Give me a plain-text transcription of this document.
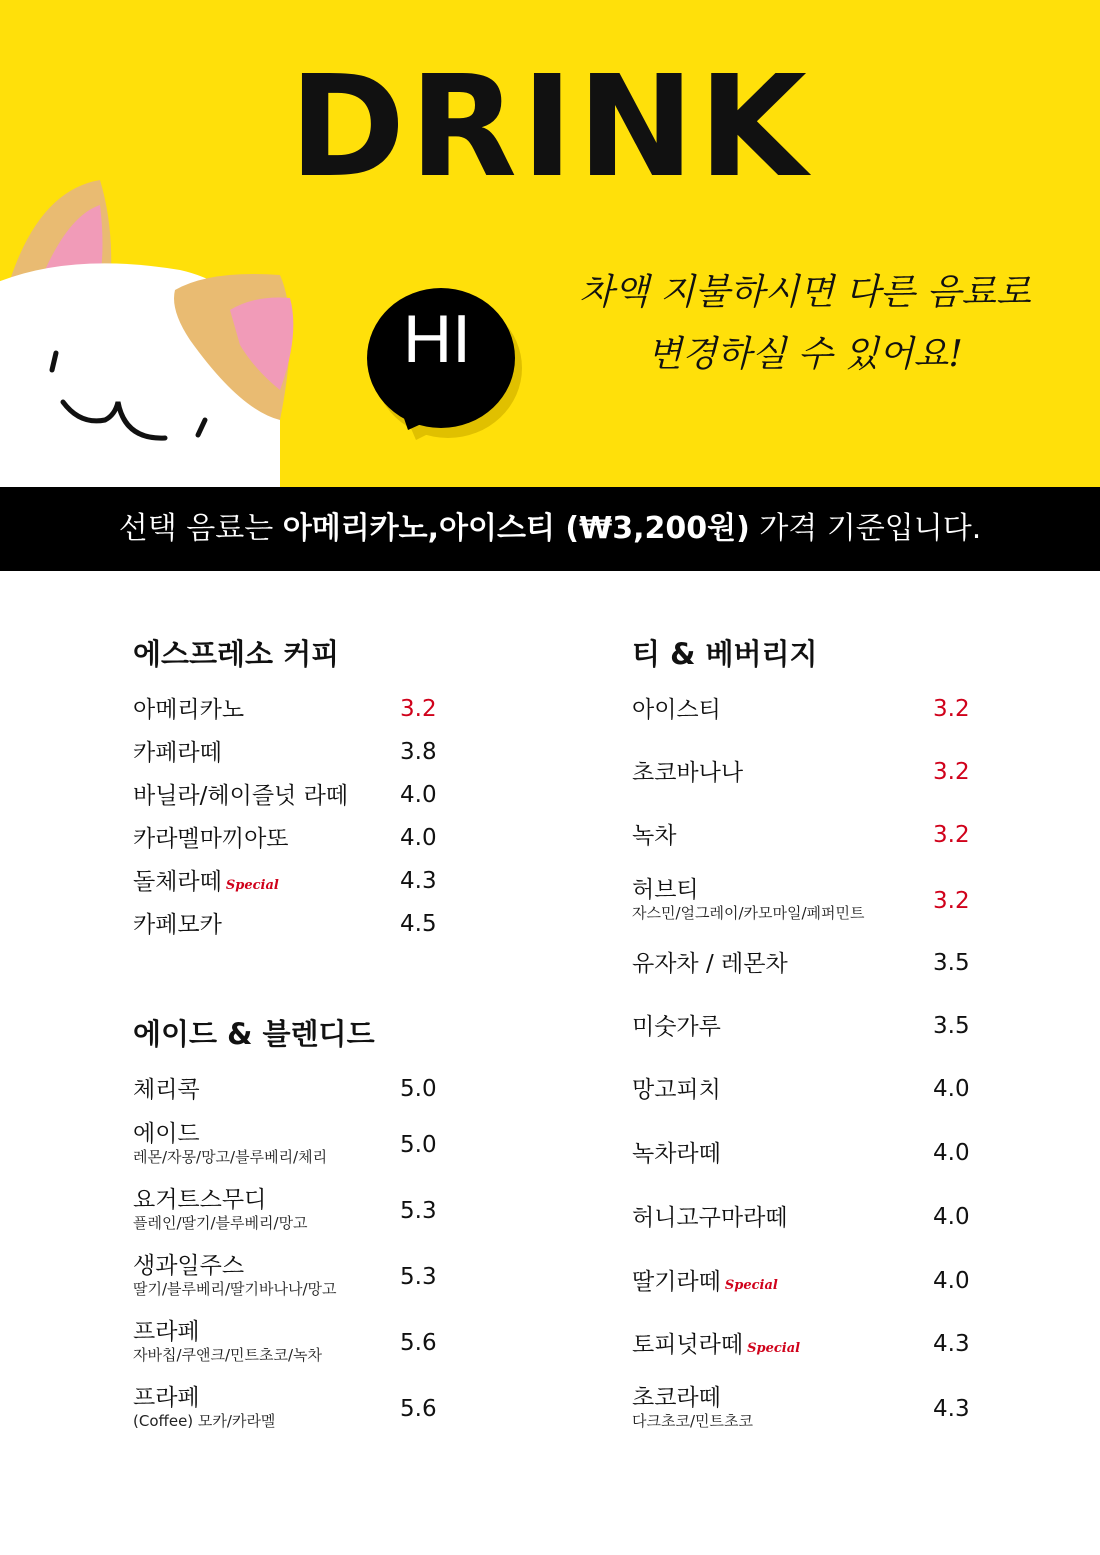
DRINK
HI
차액 지불하시면 다른 음료로
변경하실 수 있어요!
선택 음료는 아메리카노,아이스티 (₩3,200원) 가격 기준입니다.
에스프레소 커피
아메리카노	3.2
카페라떼	3.8
바닐라/헤이즐넛 라떼 4.0
카라멜마끼아또	4.0
돌체라떼 Special	4.3
카페모카	4.5
에이드 & 블렌디드
체리콕	5.0
에이드
레몬/자몽/망고/블루베리/체리	5.0
요거트스무디
플레인/딸기/블루베리/망고	5.3
생과일주스
딸기/블루베리/딸기바나나/망고	5.3
프라페
자바칩/쿠앤크/민트초코/녹차	5.6
프라페
(Coffee) 모카/카라멜	5.6
티 & 베버리지
아이스티	3.2
초코바나나	3.2
녹차	3.2
허브티
자스민/얼그레이/카모마일/페퍼민트	3.2
유자차 / 레몬차	3.5
미숫가루	3.5
망고피치	4.0
녹차라떼	4.0
허니고구마라떼	4.0
딸기라떼 Special	4.0
토피넛라떼 Special	4.3
초코라떼
다크초코/민트초코	4.3
